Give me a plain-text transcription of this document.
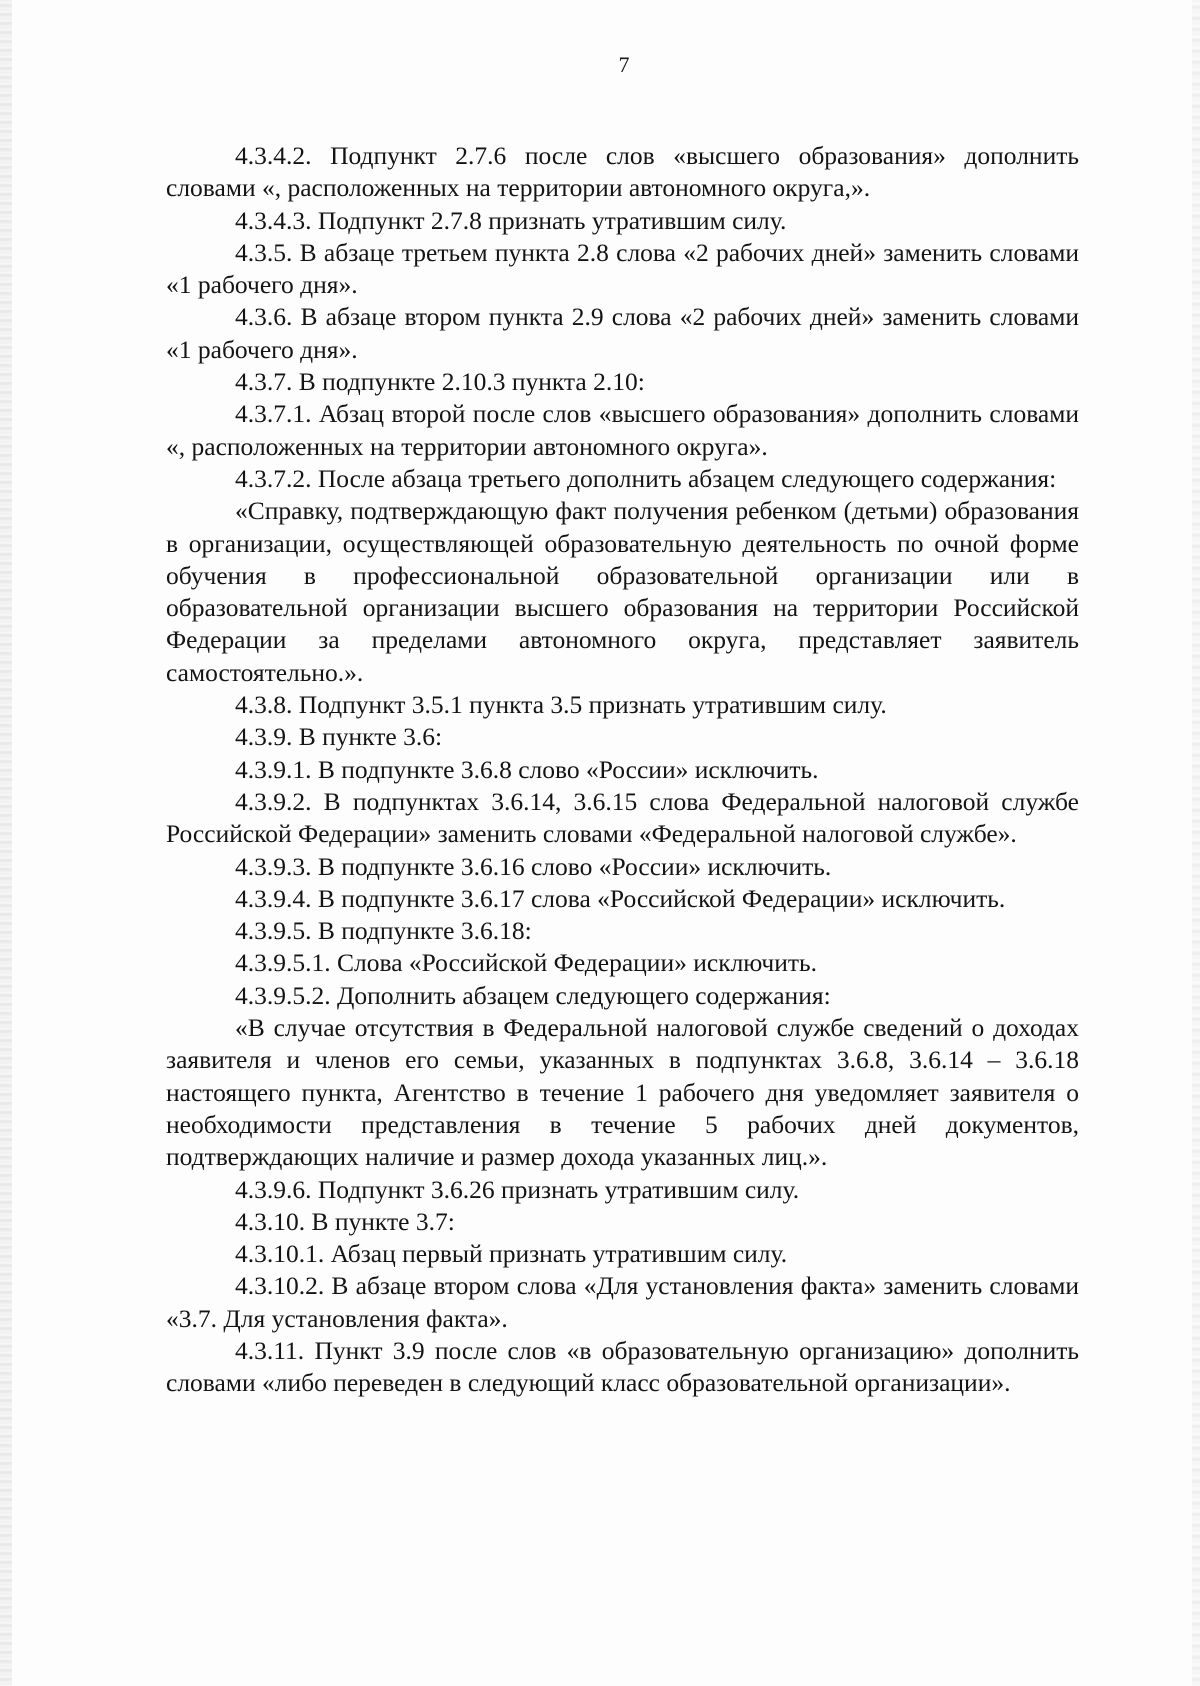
7

4.3.4.2. Подпункт 2.7.6 после слов «высшего образования» дополнить словами «, расположенных на территории автономного округа,».

4.3.4.3. Подпункт 2.7.8 признать утратившим силу.

4.3.5. В абзаце третьем пункта 2.8 слова «2 рабочих дней» заменить словами «1 рабочего дня».

4.3.6. В абзаце втором пункта 2.9 слова «2 рабочих дней» заменить словами «1 рабочего дня».

4.3.7. В подпункте 2.10.3 пункта 2.10:

4.3.7.1. Абзац второй после слов «высшего образования» дополнить словами «, расположенных на территории автономного округа».

4.3.7.2. После абзаца третьего дополнить абзацем следующего содержания:

«Справку, подтверждающую факт получения ребенком (детьми) образования в организации, осуществляющей образовательную деятельность по очной форме обучения в профессиональной образовательной организации или в образовательной организации высшего образования на территории Российской Федерации за пределами автономного округа, представляет заявитель самостоятельно.».

4.3.8. Подпункт 3.5.1 пункта 3.5 признать утратившим силу.

4.3.9. В пункте 3.6:

4.3.9.1. В подпункте 3.6.8 слово «России» исключить.

4.3.9.2. В подпунктах 3.6.14, 3.6.15 слова Федеральной налоговой службе Российской Федерации» заменить словами «Федеральной налоговой службе».

4.3.9.3. В подпункте 3.6.16 слово «России» исключить.

4.3.9.4. В подпункте 3.6.17 слова «Российской Федерации» исключить.

4.3.9.5. В подпункте 3.6.18:

4.3.9.5.1. Слова «Российской Федерации» исключить.

4.3.9.5.2. Дополнить абзацем следующего содержания:

«В случае отсутствия в Федеральной налоговой службе сведений о доходах заявителя и членов его семьи, указанных в подпунктах 3.6.8, 3.6.14 – 3.6.18 настоящего пункта, Агентство в течение 1 рабочего дня уведомляет заявителя о необходимости представления в течение 5 рабочих дней документов, подтверждающих наличие и размер дохода указанных лиц.».

4.3.9.6. Подпункт 3.6.26 признать утратившим силу.

4.3.10. В пункте 3.7:

4.3.10.1. Абзац первый признать утратившим силу.

4.3.10.2. В абзаце втором слова «Для установления факта» заменить словами «3.7. Для установления факта».

4.3.11. Пункт 3.9 после слов «в образовательную организацию» дополнить словами «либо переведен в следующий класс образовательной организации».
